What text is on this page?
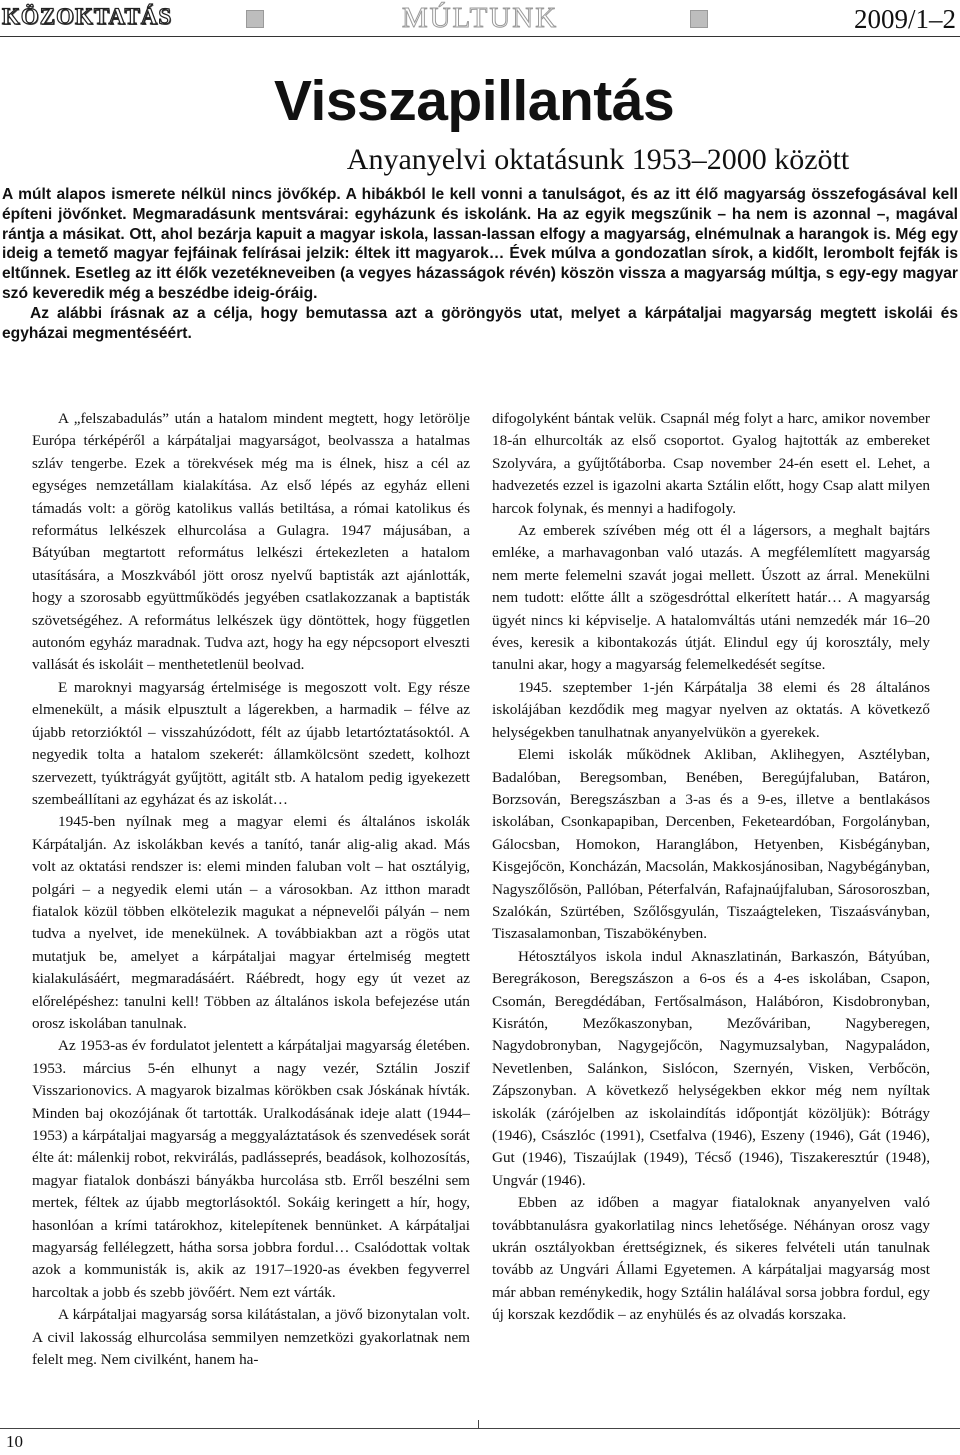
KÖZOKTATÁS	MÚLTUNK	2009/1–2
Visszapillantás
Anyanyelvi oktatásunk 1953–2000 között

A múlt alapos ismerete nélkül nincs jövőkép. A hibákból le kell vonni a tanulságot, és az itt élő magyarság összefogásával kell építeni jövőnket. Megmaradásunk mentsvárai: egyházunk és iskolánk. Ha az egyik megszűnik – ha nem is azonnal –, magával rántja a másikat. Ott, ahol bezárja kapuit a magyar iskola, lassan-lassan elfogy a magyarság, elnémulnak a harangok is. Még egy ideig a temető magyar fejfáinak felírásai jelzik: éltek itt magyarok… Évek múlva a gondozatlan sírok, a kidőlt, lerombolt fejfák is eltűnnek. Esetleg az itt élők vezetékneveiben (a vegyes házasságok révén) köszön vissza a magyarság múltja, s egy-egy magyar szó keveredik még a beszédbe ideig-óráig.

Az alábbi írásnak az a célja, hogy bemutassa azt a göröngyös utat, melyet a kárpátaljai magyarság megtett iskolái és egyházai megmentéséért.

A „felszabadulás” után a hatalom mindent megtett, hogy letörölje Európa térképéről a kárpátaljai magyarságot, beolvassza a hatalmas szláv tengerbe. Ezek a törekvések még ma is élnek, hisz a cél az egységes nemzetállam kialakítása. Az első lépés az egyház elleni támadás volt: a görög katolikus vallás betiltása, a római katolikus és református lelkészek elhurcolása a Gulagra. 1947 májusában, a Bátyúban megtartott református lelkészi értekezleten a hatalom utasítására, a Moszkvából jött orosz nyelvű baptisták azt ajánlották, hogy a szorosabb együttműködés jegyében csatlakozzanak a baptisták szövetségéhez. A református lelkészek ügy döntöttek, hogy független autonóm egyház maradnak. Tudva azt, hogy ha egy népcsoport elveszti vallását és iskoláit – menthetetlenül beolvad.

E maroknyi magyarság értelmisége is megoszott volt. Egy része elmenekült, a másik elpusztult a lágerekben, a harmadik – félve az újabb retorzióktól – visszahúzódott, félt az újabb letartóztatásoktól. A negyedik tolta a hatalom szekerét: államkölcsönt szedett, kolhozt szervezett, tyúktrágyát gyűjtött, agitált stb. A hatalom pedig igyekezett szembeállítani az egyházat és az iskolát…

1945-ben nyílnak meg a magyar elemi és általános iskolák Kárpátalján. Az iskolákban kevés a tanító, tanár alig-alig akad. Más volt az oktatási rendszer is: elemi minden faluban volt – hat osztályig, polgári – a negyedik elemi után – a városokban. Az itthon maradt fiatalok közül többen elkötelezik magukat a népnevelői pályán – nem tudva a nyelvet, ide menekülnek. A továbbiakban azt a rögös utat mutatjuk be, amelyet a kárpátaljai magyar értelmiség megtett kialakulásáért, megmaradásáért. Ráébredt, hogy egy út vezet az előrelépéshez: tanulni kell! Többen az általános iskola befejezése után orosz iskolában tanulnak.

Az 1953-as év fordulatot jelentett a kárpátaljai magyarság életében. 1953. március 5-én elhunyt a nagy vezér, Sztálin Joszif Visszarionovics. A magyarok bizalmas körökben csak Jóskának hívták. Minden baj okozójának őt tartották. Uralkodásának ideje alatt (1944–1953) a kárpátaljai magyarság a meggyaláztatások és szenvedések sorát élte át: málenkij robot, rekvirálás, padlásseprés, beadások, kolhozosítás, magyar fiatalok donbászi bányákba hurcolása stb. Erről beszélni sem mertek, féltek az újabb megtorlásoktól. Sokáig keringett a hír, hogy, hasonlóan a krími tatárokhoz, kitelepítenek bennünket. A kárpátaljai magyarság fellélegzett, hátha sorsa jobbra fordul… Csalódottak voltak azok a kommunisták is, akik az 1917–1920-as években fegyverrel harcoltak a jobb és szebb jövőért. Nem ezt várták.

A kárpátaljai magyarság sorsa kilátástalan, a jövő bizonytalan volt. A civil lakosság elhurcolása semmilyen nemzetközi gyakorlatnak nem felelt meg. Nem civilként, hanem ha-

difogolyként bántak velük. Csapnál még folyt a harc, amikor november 18-án elhurcolták az első csoportot. Gyalog hajtották az embereket Szolyvára, a gyűjtőtáborba. Csap november 24-én esett el. Lehet, a hadvezetés ezzel is igazolni akarta Sztálin előtt, hogy Csap alatt milyen harcok folynak, és mennyi a hadifogoly.

Az emberek szívében még ott él a lágersors, a meghalt bajtárs emléke, a marhavagonban való utazás. A megfélemlített magyarság nem merte felemelni szavát jogai mellett. Úszott az árral. Menekülni nem tudott: előtte állt a szögesdróttal elkerített határ… A magyarság ügyét nincs ki képviselje. A hatalomváltás utáni nemzedék már 16–20 éves, keresik a kibontakozás útját. Elindul egy új korosztály, mely tanulni akar, hogy a magyarság felemelkedését segítse.

1945. szeptember 1-jén Kárpátalja 38 elemi és 28 általános iskolájában kezdődik meg magyar nyelven az oktatás. A következő helységekben tanulhatnak anyanyelvükön a gyerekek.

Elemi iskolák működnek Akliban, Aklihegyen, Asztélyban, Badalóban, Beregsomban, Benében, Beregújfaluban, Batáron, Borzsován, Beregszászban a 3-as és a 9-es, illetve a bentlakásos iskolában, Csonkapapiban, Dercenben, Feketeardóban, Forgolányban, Gálocsban, Homokon, Haranglábon, Hetyenben, Kisbégányban, Kisgejőcön, Koncházán, Macsolán, Makkosjánosiban, Nagybégányban, Nagyszőlősön, Pallóban, Péterfalván, Rafajnaújfaluban, Sárosoroszban, Szalókán, Szürtében, Szőlősgyulán, Tiszaágteleken, Tiszaásványban, Tiszasalamonban, Tiszabökényben.

Hétosztályos iskola indul Aknaszlatinán, Barkaszón, Bátyúban, Beregrákoson, Beregszászon a 6-os és a 4-es iskolában, Csapon, Csomán, Beregdédában, Fertősalmáson, Halábóron, Kisdobronyban, Kisrátón, Mezőkaszonyban, Mezőváriban, Nagyberegen, Nagydobronyban, Nagygejőcön, Nagymuzsalyban, Nagypaládon, Nevetlenben, Salánkon, Sislócon, Szernyén, Visken, Verbőcön, Zápszonyban. A következő helységekben ekkor még nem nyíltak iskolák (zárójelben az iskolaindítás időpontját közöljük): Bótrágy (1946), Császlóc (1991), Csetfalva (1946), Eszeny (1946), Gát (1946), Gut (1946), Tiszaújlak (1949), Técső (1946), Tiszakeresztúr (1948), Ungvár (1946).

Ebben az időben a magyar fiataloknak anyanyelven való továbbtanulásra gyakorlatilag nincs lehetősége. Néhányan orosz vagy ukrán osztályokban érettségiznek, és sikeres felvételi után tanulnak tovább az Ungvári Állami Egyetemen. A kárpátaljai magyarság most már abban reménykedik, hogy Sztálin halálával sorsa jobbra fordul, egy új korszak kezdődik – az enyhülés és az olvadás korszaka.

10
